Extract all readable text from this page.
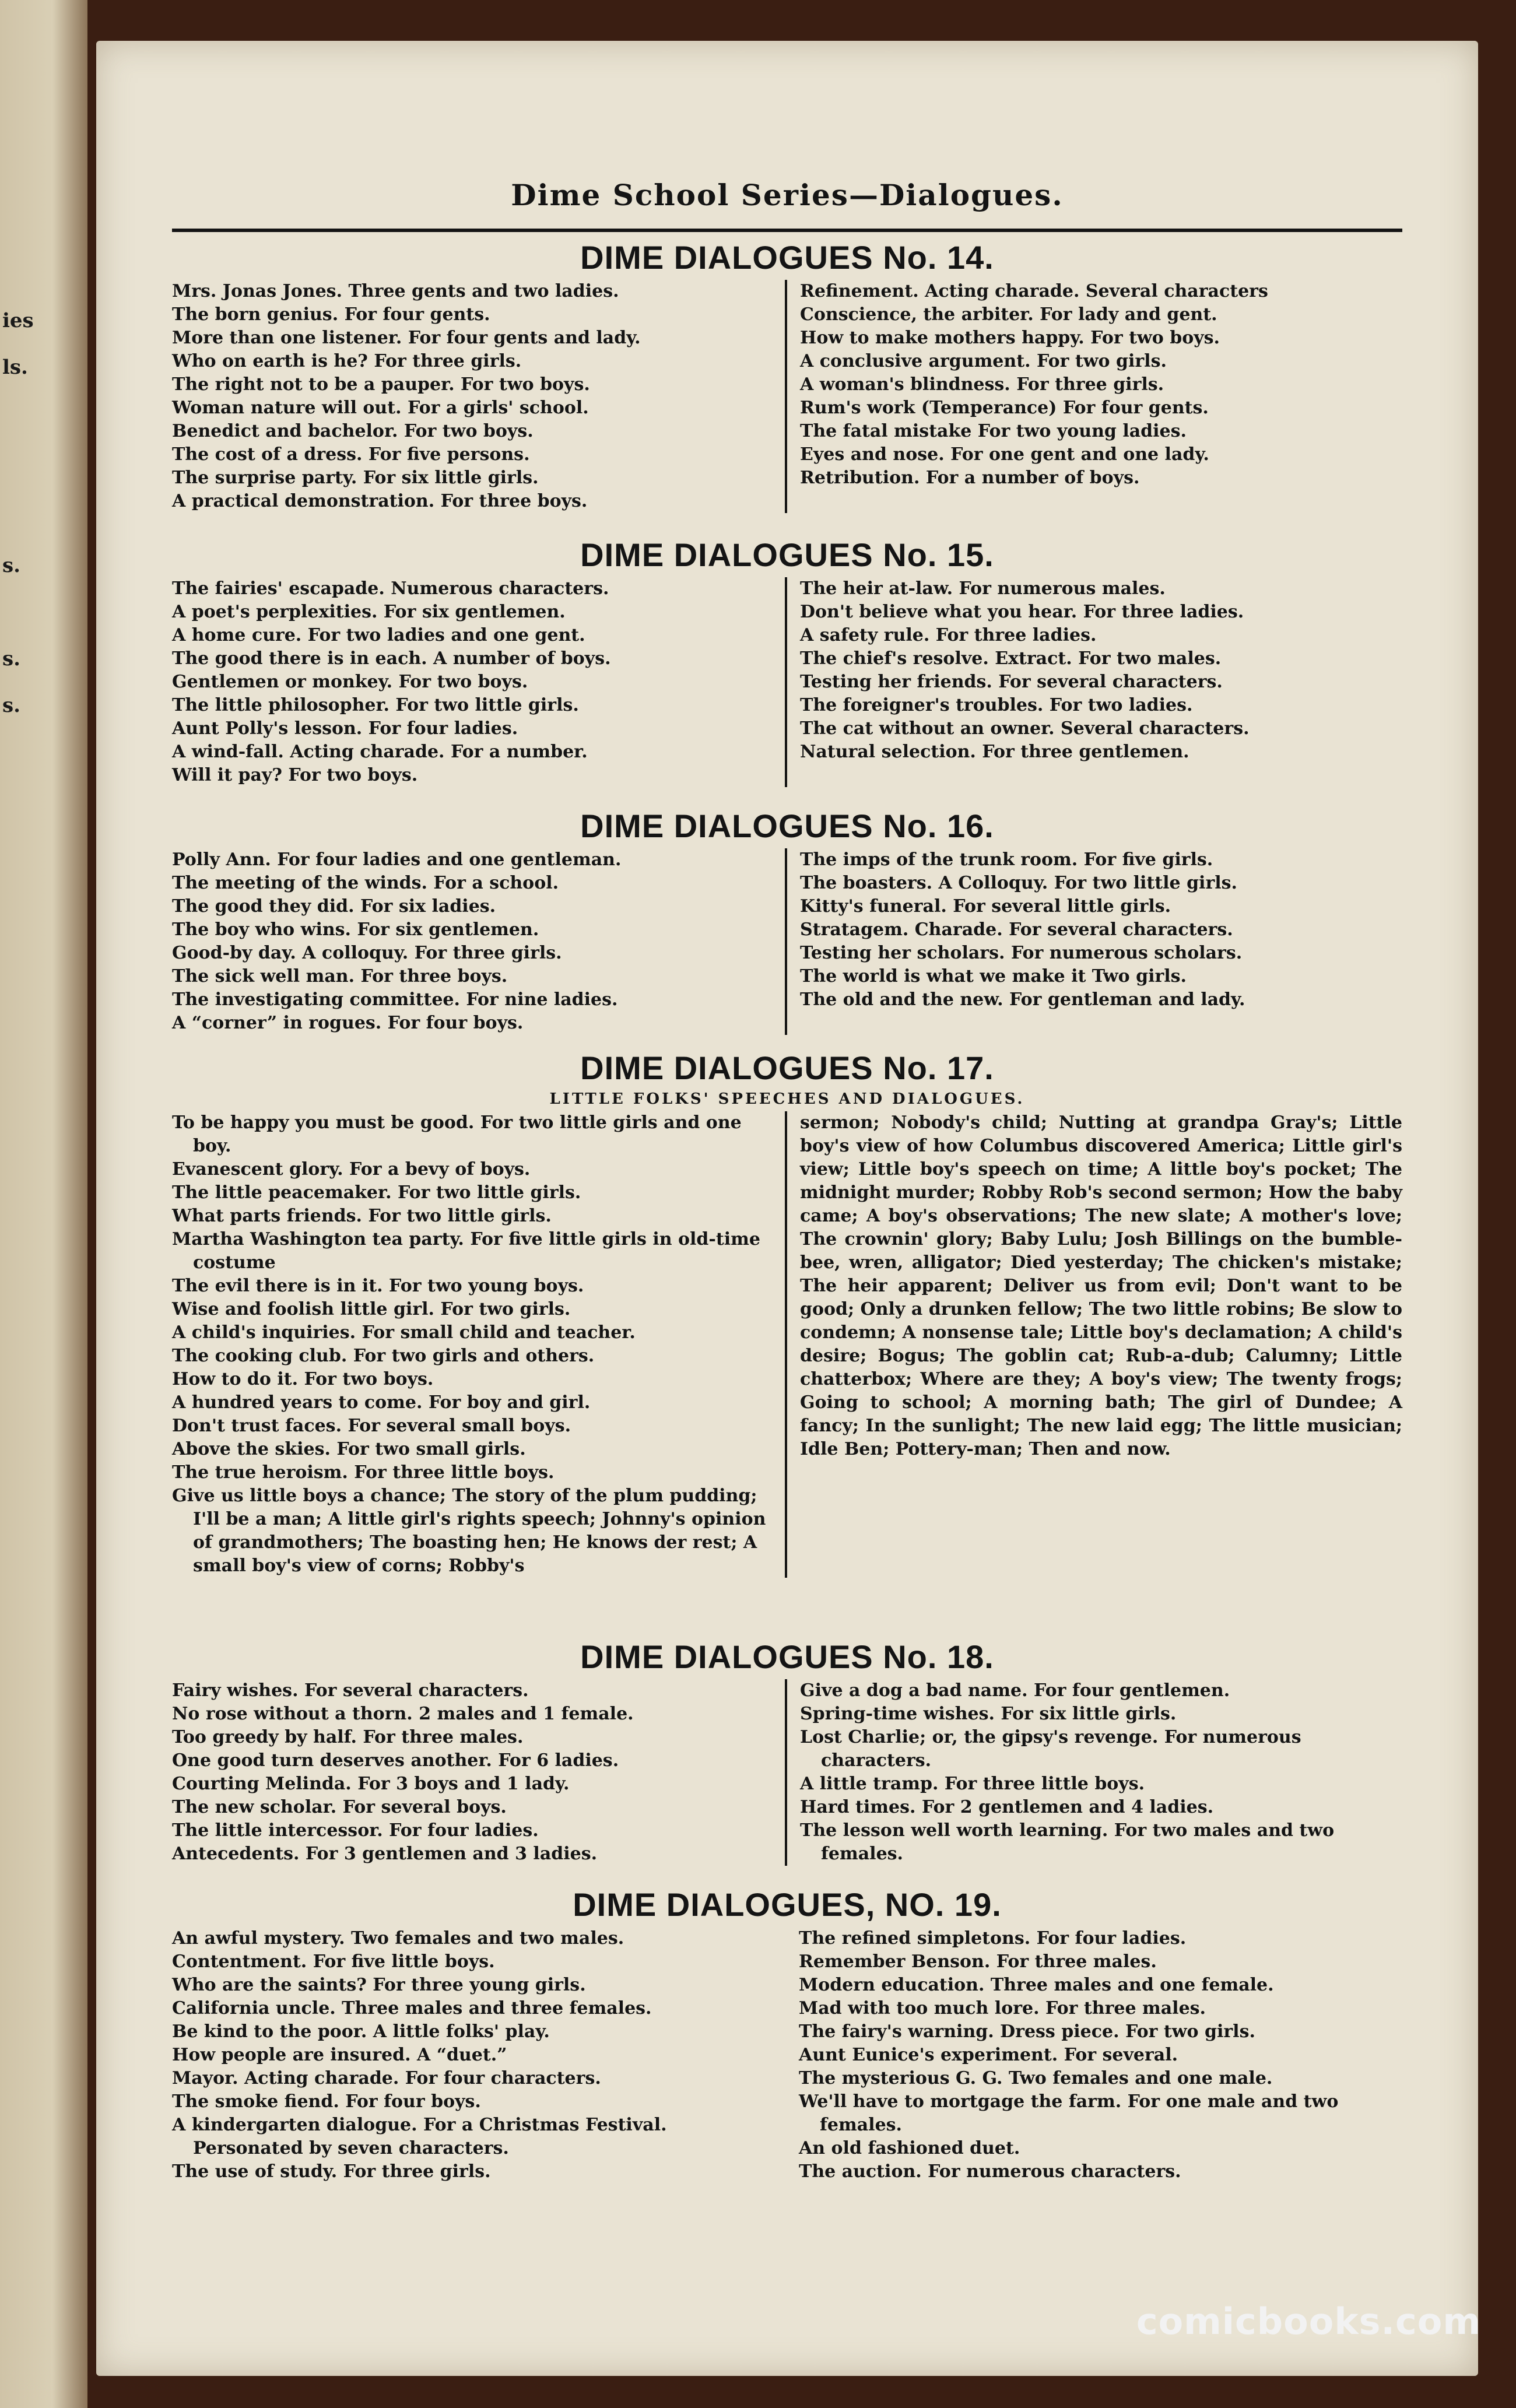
ies
ls.
s.
s.
s.
Dime School Series—Dialogues.
DIME DIALOGUES No. 14.
Mrs. Jonas Jones. Three gents and two ladies.
The born genius. For four gents.
More than one listener. For four gents and lady.
Who on earth is he? For three girls.
The right not to be a pauper. For two boys.
Woman nature will out. For a girls' school.
Benedict and bachelor. For two boys.
The cost of a dress. For five persons.
The surprise party. For six little girls.
A practical demonstration. For three boys.
Refinement. Acting charade. Several characters
Conscience, the arbiter. For lady and gent.
How to make mothers happy. For two boys.
A conclusive argument. For two girls.
A woman's blindness. For three girls.
Rum's work (Temperance) For four gents.
The fatal mistake For two young ladies.
Eyes and nose. For one gent and one lady.
Retribution. For a number of boys.
DIME DIALOGUES No. 15.
The fairies' escapade. Numerous characters.
A poet's perplexities. For six gentlemen.
A home cure. For two ladies and one gent.
The good there is in each. A number of boys.
Gentlemen or monkey. For two boys.
The little philosopher. For two little girls.
Aunt Polly's lesson. For four ladies.
A wind-fall. Acting charade. For a number.
Will it pay? For two boys.
The heir at-law. For numerous males.
Don't believe what you hear. For three ladies.
A safety rule. For three ladies.
The chief's resolve. Extract. For two males.
Testing her friends. For several characters.
The foreigner's troubles. For two ladies.
The cat without an owner. Several characters.
Natural selection. For three gentlemen.
DIME DIALOGUES No. 16.
Polly Ann. For four ladies and one gentleman.
The meeting of the winds. For a school.
The good they did. For six ladies.
The boy who wins. For six gentlemen.
Good-by day. A colloquy. For three girls.
The sick well man. For three boys.
The investigating committee. For nine ladies.
A “corner” in rogues. For four boys.
The imps of the trunk room. For five girls.
The boasters. A Colloquy. For two little girls.
Kitty's funeral. For several little girls.
Stratagem. Charade. For several characters.
Testing her scholars. For numerous scholars.
The world is what we make it Two girls.
The old and the new. For gentleman and lady.
DIME DIALOGUES No. 17.
LITTLE FOLKS' SPEECHES AND DIALOGUES.
To be happy you must be good. For two little girls and one boy.
Evanescent glory. For a bevy of boys.
The little peacemaker. For two little girls.
What parts friends. For two little girls.
Martha Washington tea party. For five little girls in old-time costume
The evil there is in it. For two young boys.
Wise and foolish little girl. For two girls.
A child's inquiries. For small child and teacher.
The cooking club. For two girls and others.
How to do it. For two boys.
A hundred years to come. For boy and girl.
Don't trust faces. For several small boys.
Above the skies. For two small girls.
The true heroism. For three little boys.
Give us little boys a chance; The story of the plum pudding; I'll be a man; A little girl's rights speech; Johnny's opinion of grandmothers; The boasting hen; He knows der rest; A small boy's view of corns; Robby's
sermon; Nobody's child; Nutting at grandpa Gray's; Little boy's view of how Columbus discovered America; Little girl's view; Little boy's speech on time; A little boy's pocket; The midnight murder; Robby Rob's second sermon; How the baby came; A boy's observations; The new slate; A mother's love; The crownin' glory; Baby Lulu; Josh Billings on the bumble-bee, wren, alligator; Died yesterday; The chicken's mistake; The heir apparent; Deliver us from evil; Don't want to be good; Only a drunken fellow; The two little robins; Be slow to condemn; A nonsense tale; Little boy's declamation; A child's desire; Bogus; The goblin cat; Rub-a-dub; Calumny; Little chatterbox; Where are they; A boy's view; The twenty frogs; Going to school; A morning bath; The girl of Dundee; A fancy; In the sunlight; The new laid egg; The little musician; Idle Ben; Pottery-man; Then and now.
DIME DIALOGUES No. 18.
Fairy wishes. For several characters.
No rose without a thorn. 2 males and 1 female.
Too greedy by half. For three males.
One good turn deserves another. For 6 ladies.
Courting Melinda. For 3 boys and 1 lady.
The new scholar. For several boys.
The little intercessor. For four ladies.
Antecedents. For 3 gentlemen and 3 ladies.
Give a dog a bad name. For four gentlemen.
Spring-time wishes. For six little girls.
Lost Charlie; or, the gipsy's revenge. For numerous characters.
A little tramp. For three little boys.
Hard times. For 2 gentlemen and 4 ladies.
The lesson well worth learning. For two males and two females.
DIME DIALOGUES, NO. 19.
An awful mystery. Two females and two males.
Contentment. For five little boys.
Who are the saints? For three young girls.
California uncle. Three males and three females.
Be kind to the poor. A little folks' play.
How people are insured. A “duet.”
Mayor. Acting charade. For four characters.
The smoke fiend. For four boys.
A kindergarten dialogue. For a Christmas Festival. Personated by seven characters.
The use of study. For three girls.
The refined simpletons. For four ladies.
Remember Benson. For three males.
Modern education. Three males and one female.
Mad with too much lore. For three males.
The fairy's warning. Dress piece. For two girls.
Aunt Eunice's experiment. For several.
The mysterious G. G. Two females and one male.
We'll have to mortgage the farm. For one male and two females.
An old fashioned duet.
The auction. For numerous characters.
comicbooks.com
